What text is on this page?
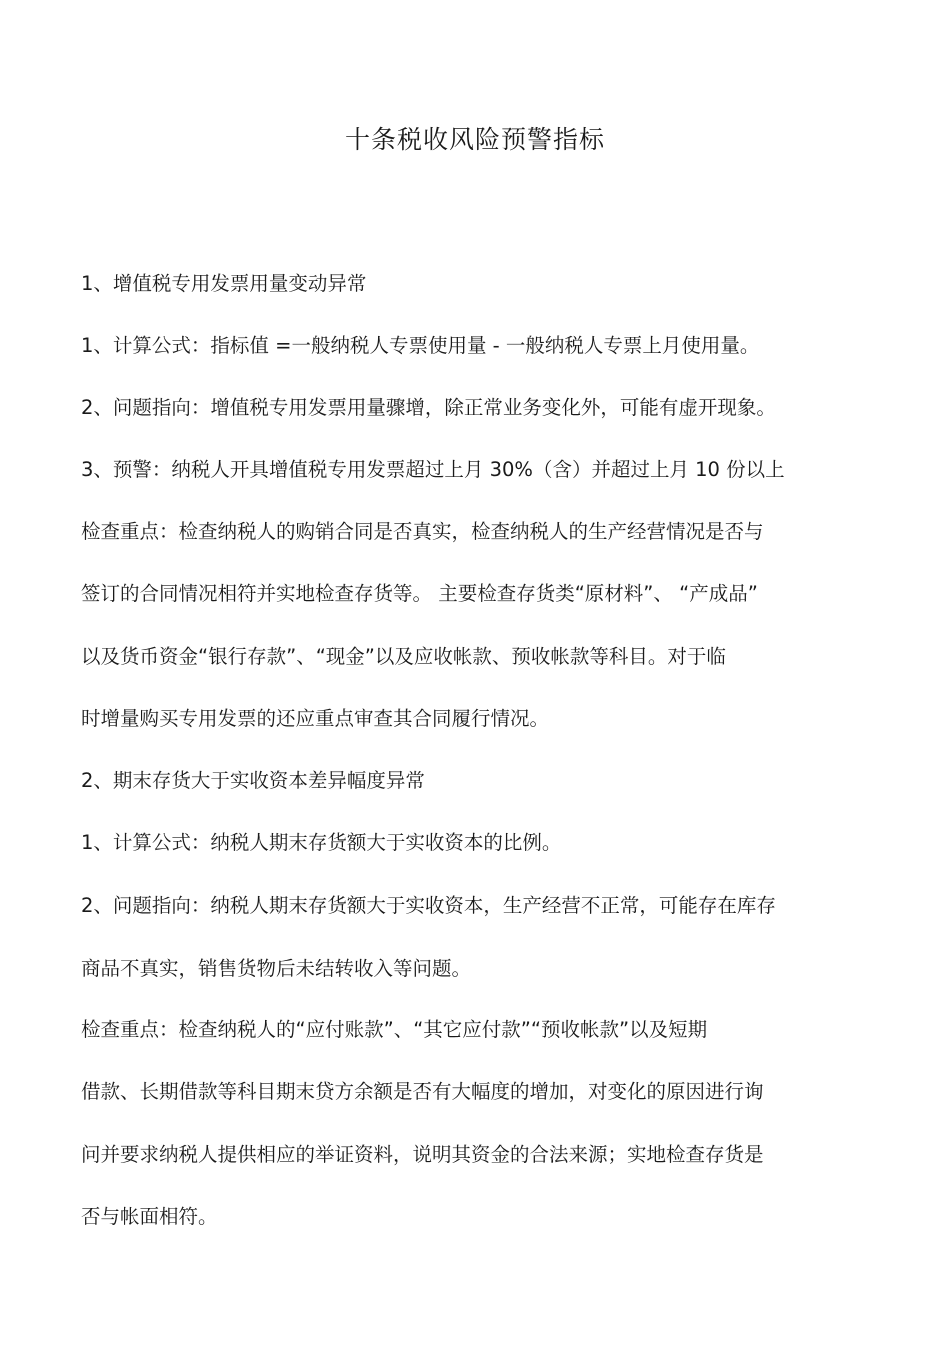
十条税收风险预警指标
1、增值税专用发票用量变动异常
1、计算公式：指标值 =一般纳税人专票使用量 - 一般纳税人专票上月使用量。
2、问题指向：增值税专用发票用量骤增，除正常业务变化外，可能有虚开现象。
3、预警：纳税人开具增值税专用发票超过上月 30%（含）并超过上月 10 份以上
检查重点：检查纳税人的购销合同是否真实，检查纳税人的生产经营情况是否与
签订的合同情况相符并实地检查存货等。 主要检查存货类“原材料”、 “产成品”
以及货币资金“银行存款”、“现金”以及应收帐款、预收帐款等科目。对于临
时增量购买专用发票的还应重点审查其合同履行情况。
2、期末存货大于实收资本差异幅度异常
1、计算公式：纳税人期末存货额大于实收资本的比例。
2、问题指向：纳税人期末存货额大于实收资本，生产经营不正常，可能存在库存
商品不真实，销售货物后未结转收入等问题。
检查重点：检查纳税人的“应付账款”、“其它应付款”“预收帐款”以及短期
借款、长期借款等科目期末贷方余额是否有大幅度的增加，对变化的原因进行询
问并要求纳税人提供相应的举证资料，说明其资金的合法来源；实地检查存货是
否与帐面相符。
